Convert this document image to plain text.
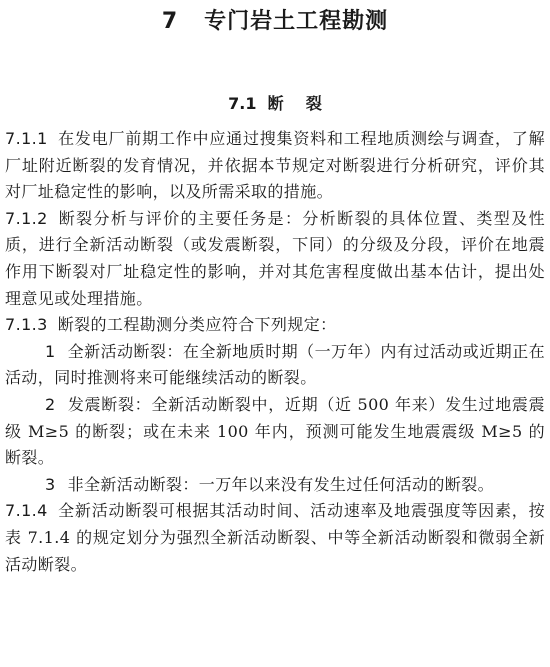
7   专门岩土工程勘测
7.1  断    裂

7.1.1 在发电厂前期工作中应通过搜集资料和工程地质测绘与调查，了解厂址附近断裂的发育情况，并依据本节规定对断裂进行分析研究，评价其对厂址稳定性的影响，以及所需采取的措施。

7.1.2 断裂分析与评价的主要任务是：分析断裂的具体位置、类型及性质，进行全新活动断裂（或发震断裂，下同）的分级及分段，评价在地震作用下断裂对厂址稳定性的影响，并对其危害程度做出基本估计，提出处理意见或处理措施。

7.1.3 断裂的工程勘测分类应符合下列规定：

1 全新活动断裂：在全新地质时期（一万年）内有过活动或近期正在活动，同时推测将来可能继续活动的断裂。

2 发震断裂：全新活动断裂中，近期（近 500 年来）发生过地震震级 M≥5 的断裂；或在未来 100 年内，预测可能发生地震震级 M≥5 的断裂。

3 非全新活动断裂：一万年以来没有发生过任何活动的断裂。

7.1.4 全新活动断裂可根据其活动时间、活动速率及地震强度等因素，按表 7.1.4 的规定划分为强烈全新活动断裂、中等全新活动断裂和微弱全新活动断裂。
